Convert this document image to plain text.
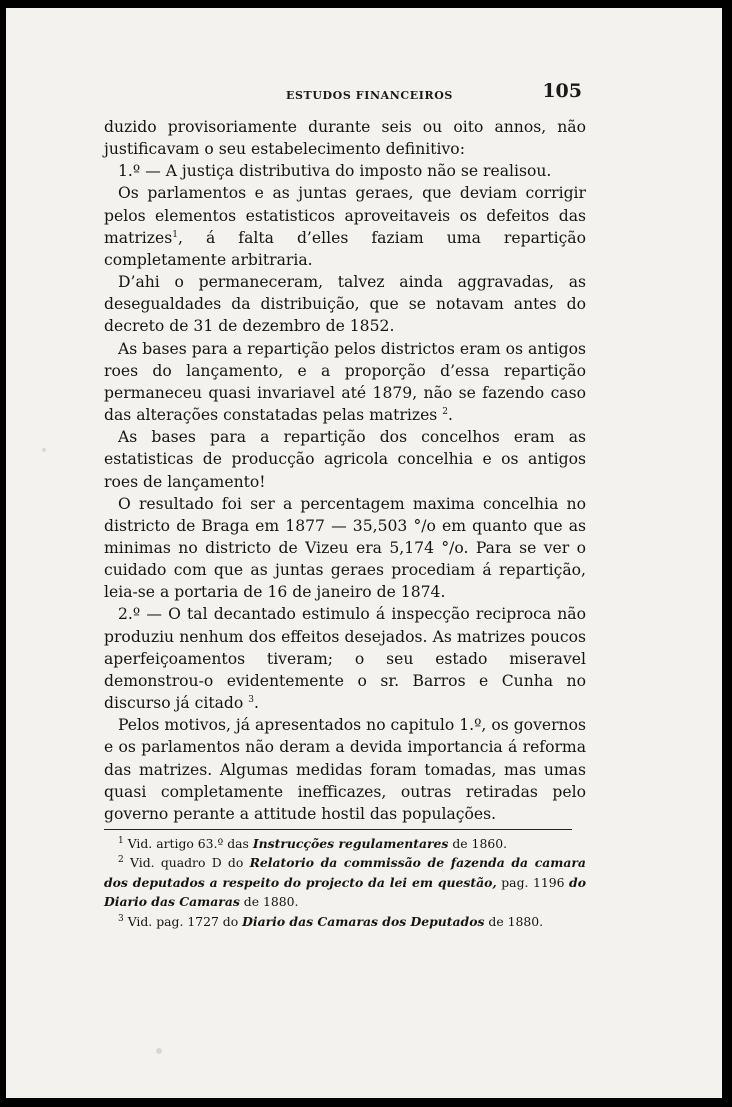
ESTUDOS FINANCEIROS	105

duzido provisoriamente durante seis ou oito annos, não justificavam o seu estabelecimento definitivo:

1.º — A justiça distributiva do imposto não se realisou.

Os parlamentos e as juntas geraes, que deviam corrigir pelos elementos estatisticos aproveitaveis os defeitos das matrizes$^1$, á falta d’elles faziam uma repartição completamente arbitraria.

D’ahi o permaneceram, talvez ainda aggravadas, as desegualdades da distribuição, que se notavam antes do decreto de 31 de dezembro de 1852.

As bases para a repartição pelos districtos eram os antigos roes do lançamento, e a proporção d’essa repartição permaneceu quasi invariavel até 1879, não se fazendo caso das alterações constatadas pelas matrizes $^2$.

As bases para a repartição dos concelhos eram as estatisticas de producção agricola concelhia e os antigos roes de lançamento!

O resultado foi ser a percentagem maxima concelhia no districto de Braga em 1877 — 35,503 °/o em quanto que as minimas no districto de Vizeu era 5,174 °/o. Para se ver o cuidado com que as juntas geraes procediam á repartição, leia-se a portaria de 16 de janeiro de 1874.

2.º — O tal decantado estimulo á inspecção reciproca não produziu nenhum dos effeitos desejados. As matrizes poucos aperfeiçoamentos tiveram; o seu estado miseravel demonstrou-o evidentemente o sr. Barros e Cunha no discurso já citado $^3$.

Pelos motivos, já apresentados no capitulo 1.º, os governos e os parlamentos não deram a devida importancia á reforma das matrizes. Algumas medidas foram tomadas, mas umas quasi completamente inefficazes, outras retiradas pelo governo perante a attitude hostil das populações.

$^1$ Vid. artigo 63.º das Instrucções regulamentares de 1860.

$^2$ Vid. quadro D do Relatorio da commissão de fazenda da camara dos deputados a respeito do projecto da lei em questão, pag. 1196 do Diario das Camaras de 1880.

$^3$ Vid. pag. 1727 do Diario das Camaras dos Deputados de 1880.
